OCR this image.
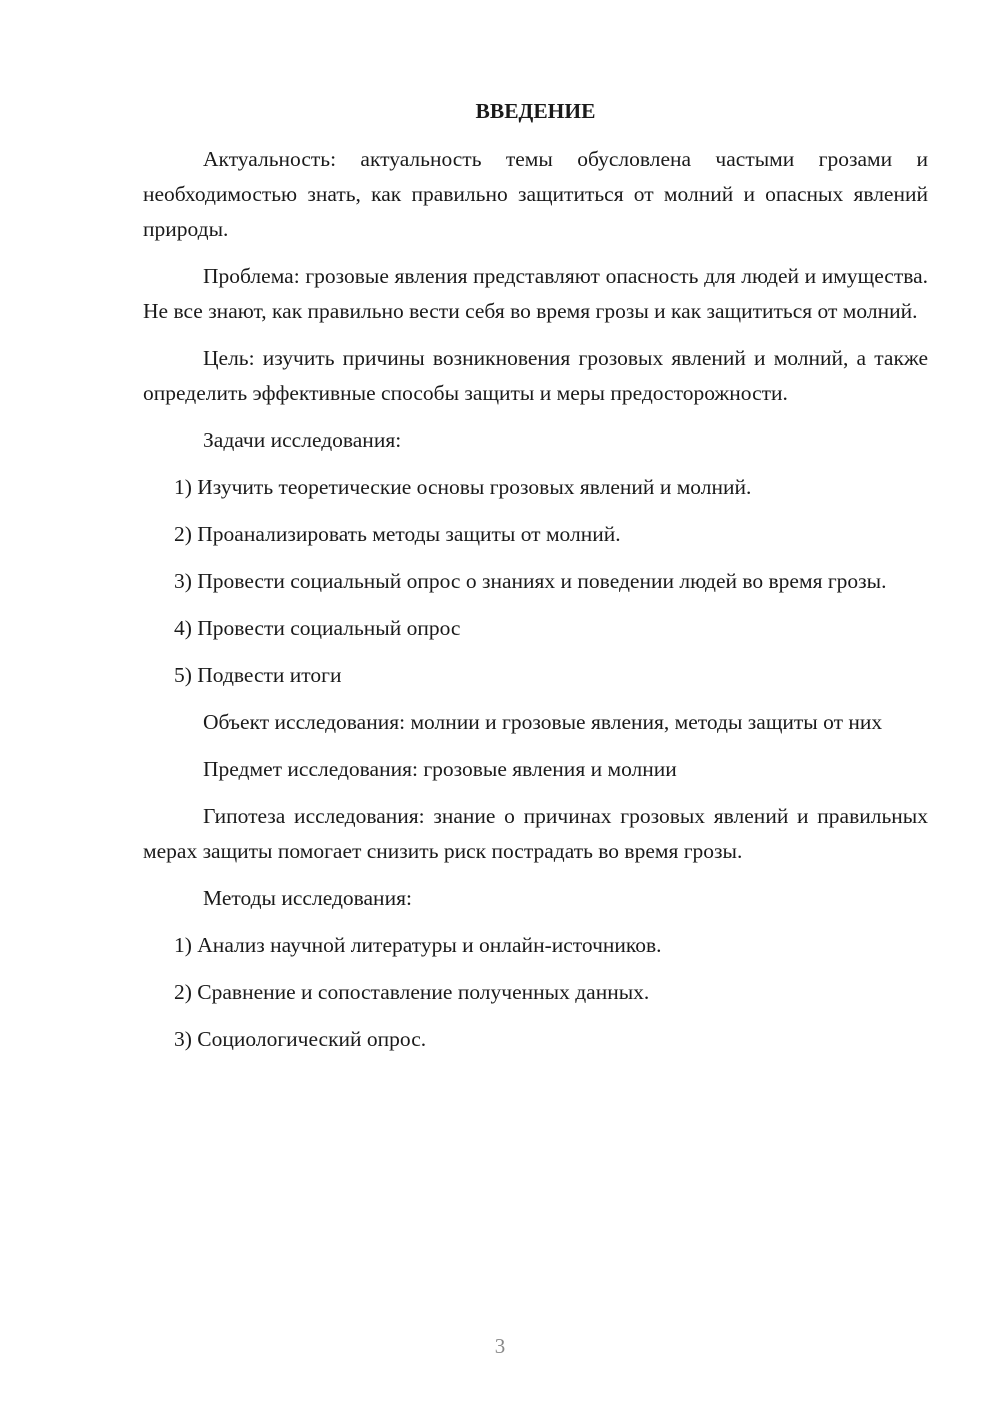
ВВЕДЕНИЕ

Актуальность: актуальность темы обусловлена частыми грозами и необходимостью знать, как правильно защититься от молний и опасных явлений природы.

Проблема: грозовые явления представляют опасность для людей и имущества. Не все знают, как правильно вести себя во время грозы и как защититься от молний.

Цель: изучить причины возникновения грозовых явлений и молний, а также определить эффективные способы защиты и меры предосторожности.

Задачи исследования:

1) Изучить теоретические основы грозовых явлений и молний.

2) Проанализировать методы защиты от молний.

3) Провести социальный опрос о знаниях и поведении людей во время грозы.

4) Провести социальный опрос

5) Подвести итоги

Объект исследования: молнии и грозовые явления, методы защиты от них

Предмет исследования: грозовые явления и молнии

Гипотеза исследования: знание о причинах грозовых явлений и правильных мерах защиты помогает снизить риск пострадать во время грозы.

Методы исследования:

1) Анализ научной литературы и онлайн-источников.

2) Сравнение и сопоставление полученных данных.

3) Социологический опрос.

3
